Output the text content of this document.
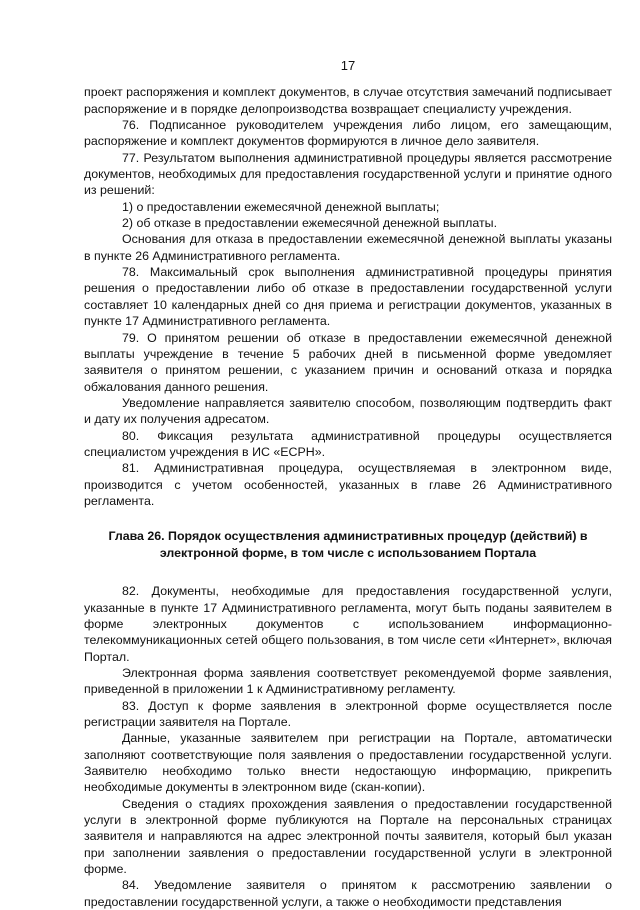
17

проект распоряжения и комплект документов, в случае отсутствия замечаний подписывает распоряжение и в порядке делопроизводства возвращает специалисту учреждения.

76. Подписанное руководителем учреждения либо лицом, его замещающим, распоряжение и комплект документов формируются в личное дело заявителя.

77. Результатом выполнения административной процедуры является рассмотрение документов, необходимых для предоставления государственной услуги и принятие одного из решений:

1) о предоставлении ежемесячной денежной выплаты;

2) об отказе в предоставлении ежемесячной денежной выплаты.

Основания для отказа в предоставлении ежемесячной денежной выплаты указаны в пункте 26 Административного регламента.

78. Максимальный срок выполнения административной процедуры принятия решения о предоставлении либо об отказе в предоставлении государственной услуги составляет 10 календарных дней со дня приема и регистрации документов, указанных в пункте 17 Административного регламента.

79. О принятом решении об отказе в предоставлении ежемесячной денежной выплаты учреждение в течение 5 рабочих дней в письменной форме уведомляет заявителя о принятом решении, с указанием причин и оснований отказа и порядка обжалования данного решения.

Уведомление направляется заявителю способом, позволяющим подтвердить факт и дату их получения адресатом.

80. Фиксация результата административной процедуры осуществляется специалистом учреждения в ИС «ЕСРН».

81. Административная процедура, осуществляемая в электронном виде, производится с учетом особенностей, указанных в главе 26 Административного регламента.

Глава 26. Порядок осуществления административных процедур (действий) в электронной форме, в том числе с использованием Портала

82. Документы, необходимые для предоставления государственной услуги, указанные в пункте 17 Административного регламента, могут быть поданы заявителем в форме электронных документов с использованием информационно-телекоммуникационных сетей общего пользования, в том числе сети «Интернет», включая Портал.

Электронная форма заявления соответствует рекомендуемой форме заявления, приведенной в приложении 1 к Административному регламенту.

83. Доступ к форме заявления в электронной форме осуществляется после регистрации заявителя на Портале.

Данные, указанные заявителем при регистрации на Портале, автоматически заполняют соответствующие поля заявления о предоставлении государственной услуги. Заявителю необходимо только внести недостающую информацию, прикрепить необходимые документы в электронном виде (скан-копии).

Сведения о стадиях прохождения заявления о предоставлении государственной услуги в электронной форме публикуются на Портале на персональных страницах заявителя и направляются на адрес электронной почты заявителя, который был указан при заполнении заявления о предоставлении государственной услуги в электронной форме.

84. Уведомление заявителя о принятом к рассмотрению заявлении о предоставлении государственной услуги, а также о необходимости представления
